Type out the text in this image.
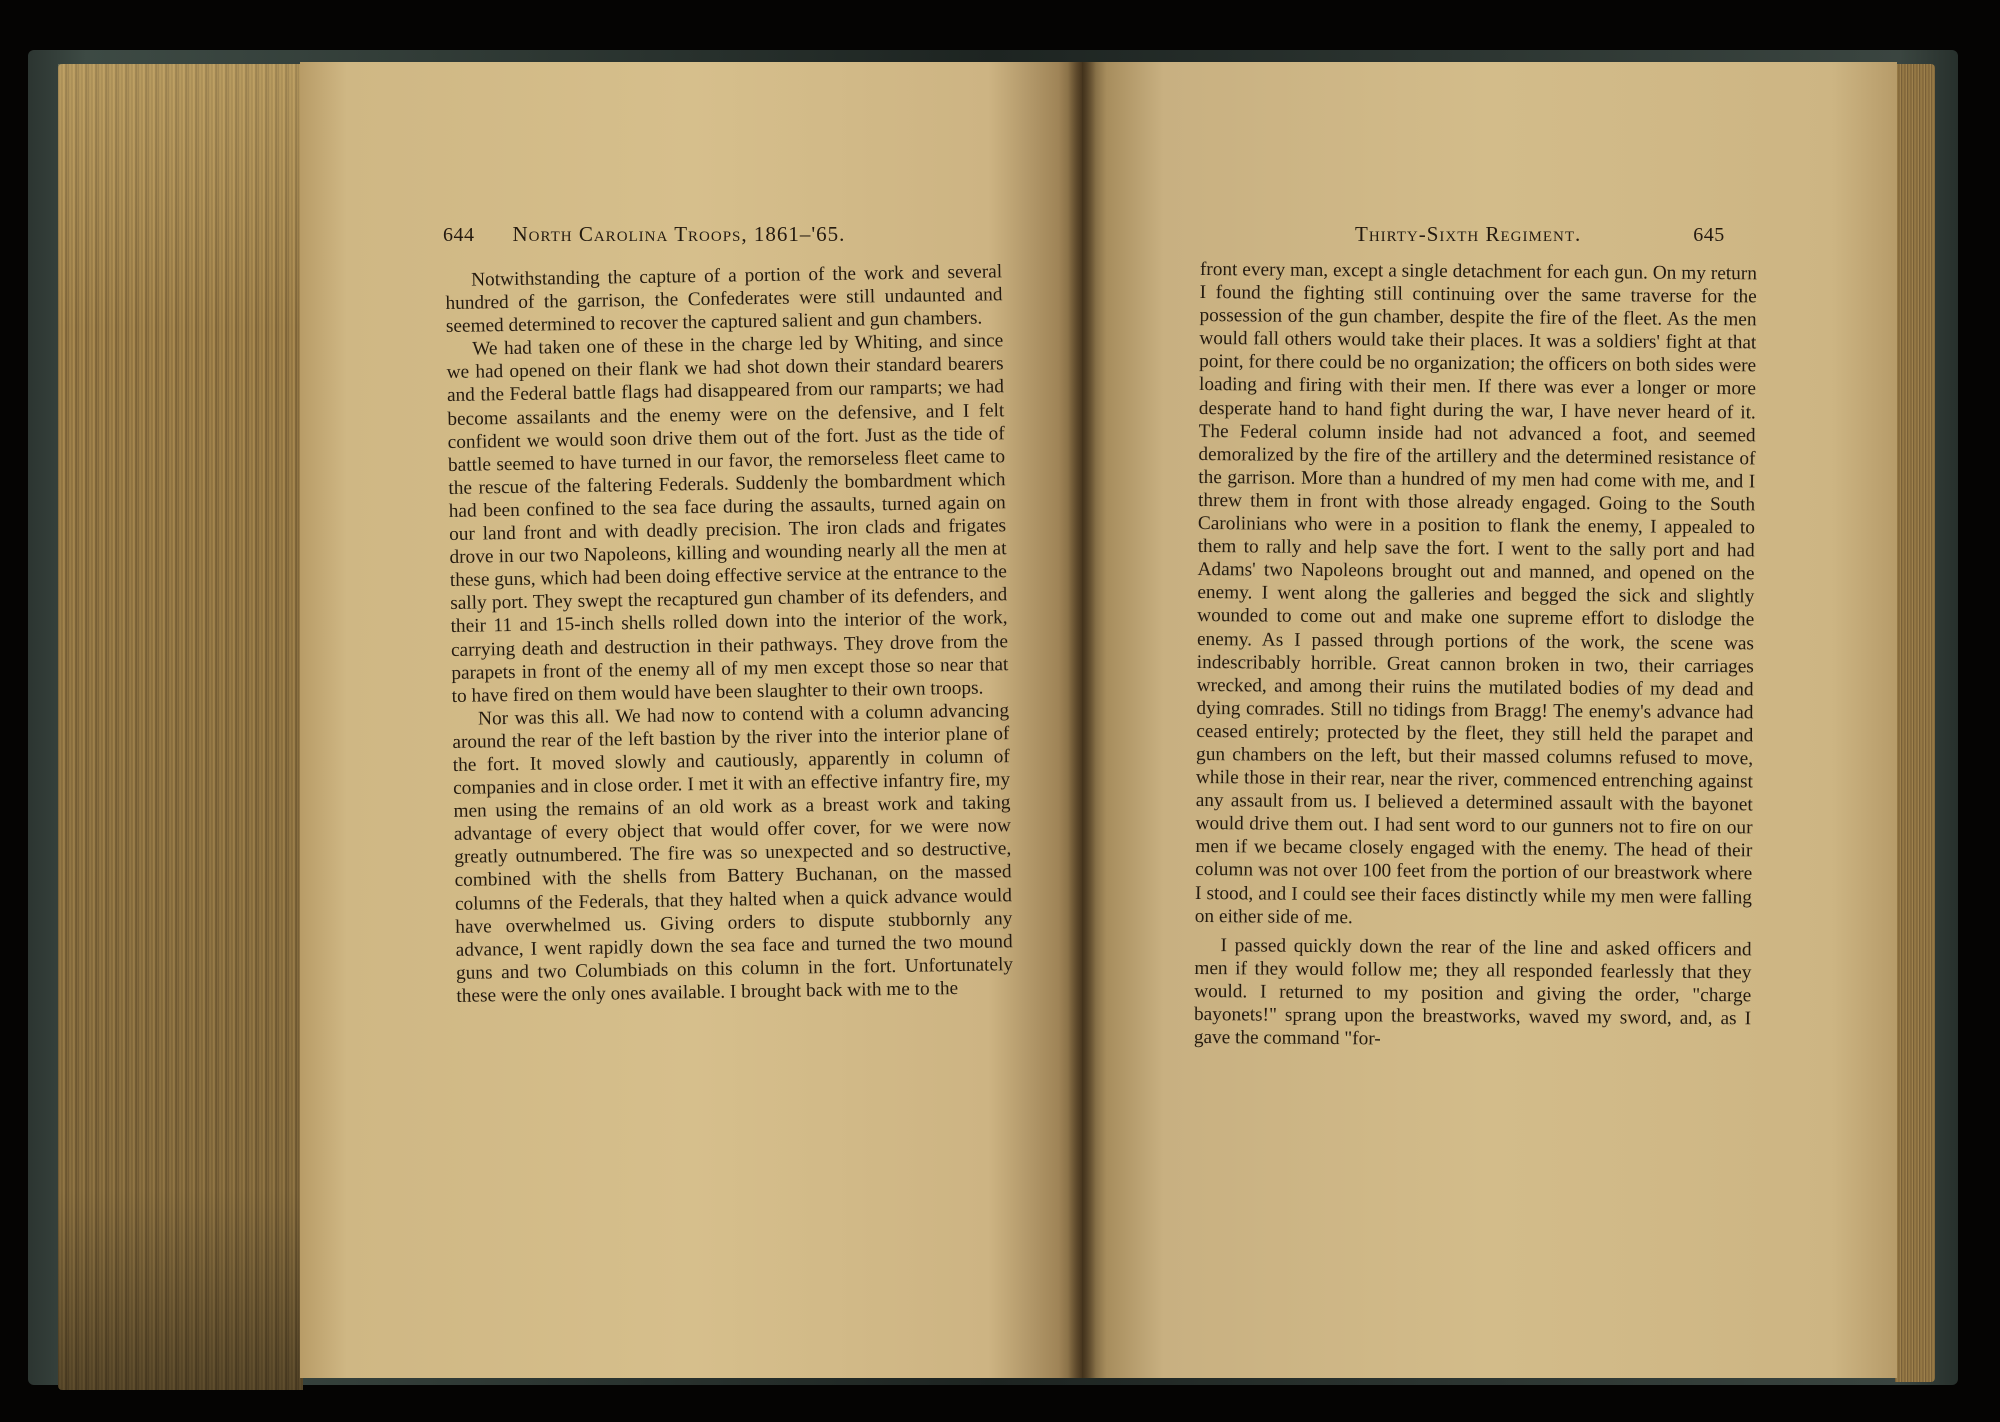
644 North Carolina Troops, 1861–'65.

Notwithstanding the capture of a portion of the work and several hundred of the garrison, the Confederates were still undaunted and seemed determined to recover the captured salient and gun chambers.

We had taken one of these in the charge led by Whiting, and since we had opened on their flank we had shot down their standard bearers and the Federal battle flags had disappeared from our ramparts; we had become assailants and the enemy were on the defensive, and I felt confident we would soon drive them out of the fort. Just as the tide of battle seemed to have turned in our favor, the remorseless fleet came to the rescue of the faltering Federals. Suddenly the bombardment which had been confined to the sea face during the assaults, turned again on our land front and with deadly precision. The iron clads and frigates drove in our two Napoleons, killing and wounding nearly all the men at these guns, which had been doing effective service at the entrance to the sally port. They swept the recaptured gun chamber of its defenders, and their 11 and 15-inch shells rolled down into the interior of the work, carrying death and destruction in their pathways. They drove from the parapets in front of the enemy all of my men except those so near that to have fired on them would have been slaughter to their own troops.

Nor was this all. We had now to contend with a column advancing around the rear of the left bastion by the river into the interior plane of the fort. It moved slowly and cautiously, apparently in column of companies and in close order. I met it with an effective infantry fire, my men using the remains of an old work as a breast work and taking advantage of every object that would offer cover, for we were now greatly outnumbered. The fire was so unexpected and so destructive, combined with the shells from Battery Buchanan, on the massed columns of the Federals, that they halted when a quick advance would have overwhelmed us. Giving orders to dispute stubbornly any advance, I went rapidly down the sea face and turned the two mound guns and two Columbiads on this column in the fort. Unfortunately these were the only ones available. I brought back with me to the

Thirty-Sixth Regiment.	645

front every man, except a single detachment for each gun. On my return I found the fighting still continuing over the same traverse for the possession of the gun chamber, despite the fire of the fleet. As the men would fall others would take their places. It was a soldiers' fight at that point, for there could be no organization; the officers on both sides were loading and firing with their men. If there was ever a longer or more desperate hand to hand fight during the war, I have never heard of it. The Federal column inside had not advanced a foot, and seemed demoralized by the fire of the artillery and the determined resistance of the garrison. More than a hundred of my men had come with me, and I threw them in front with those already engaged. Going to the South Carolinians who were in a position to flank the enemy, I appealed to them to rally and help save the fort. I went to the sally port and had Adams' two Napoleons brought out and manned, and opened on the enemy. I went along the galleries and begged the sick and slightly wounded to come out and make one supreme effort to dislodge the enemy. As I passed through portions of the work, the scene was indescribably horrible. Great cannon broken in two, their carriages wrecked, and among their ruins the mutilated bodies of my dead and dying comrades. Still no tidings from Bragg! The enemy's advance had ceased entirely; protected by the fleet, they still held the parapet and gun chambers on the left, but their massed columns refused to move, while those in their rear, near the river, commenced entrenching against any assault from us. I believed a determined assault with the bayonet would drive them out. I had sent word to our gunners not to fire on our men if we became closely engaged with the enemy. The head of their column was not over 100 feet from the portion of our breastwork where I stood, and I could see their faces distinctly while my men were falling on either side of me.

I passed quickly down the rear of the line and asked officers and men if they would follow me; they all responded fearlessly that they would. I returned to my position and giving the order, "charge bayonets!" sprang upon the breastworks, waved my sword, and, as I gave the command "for-
